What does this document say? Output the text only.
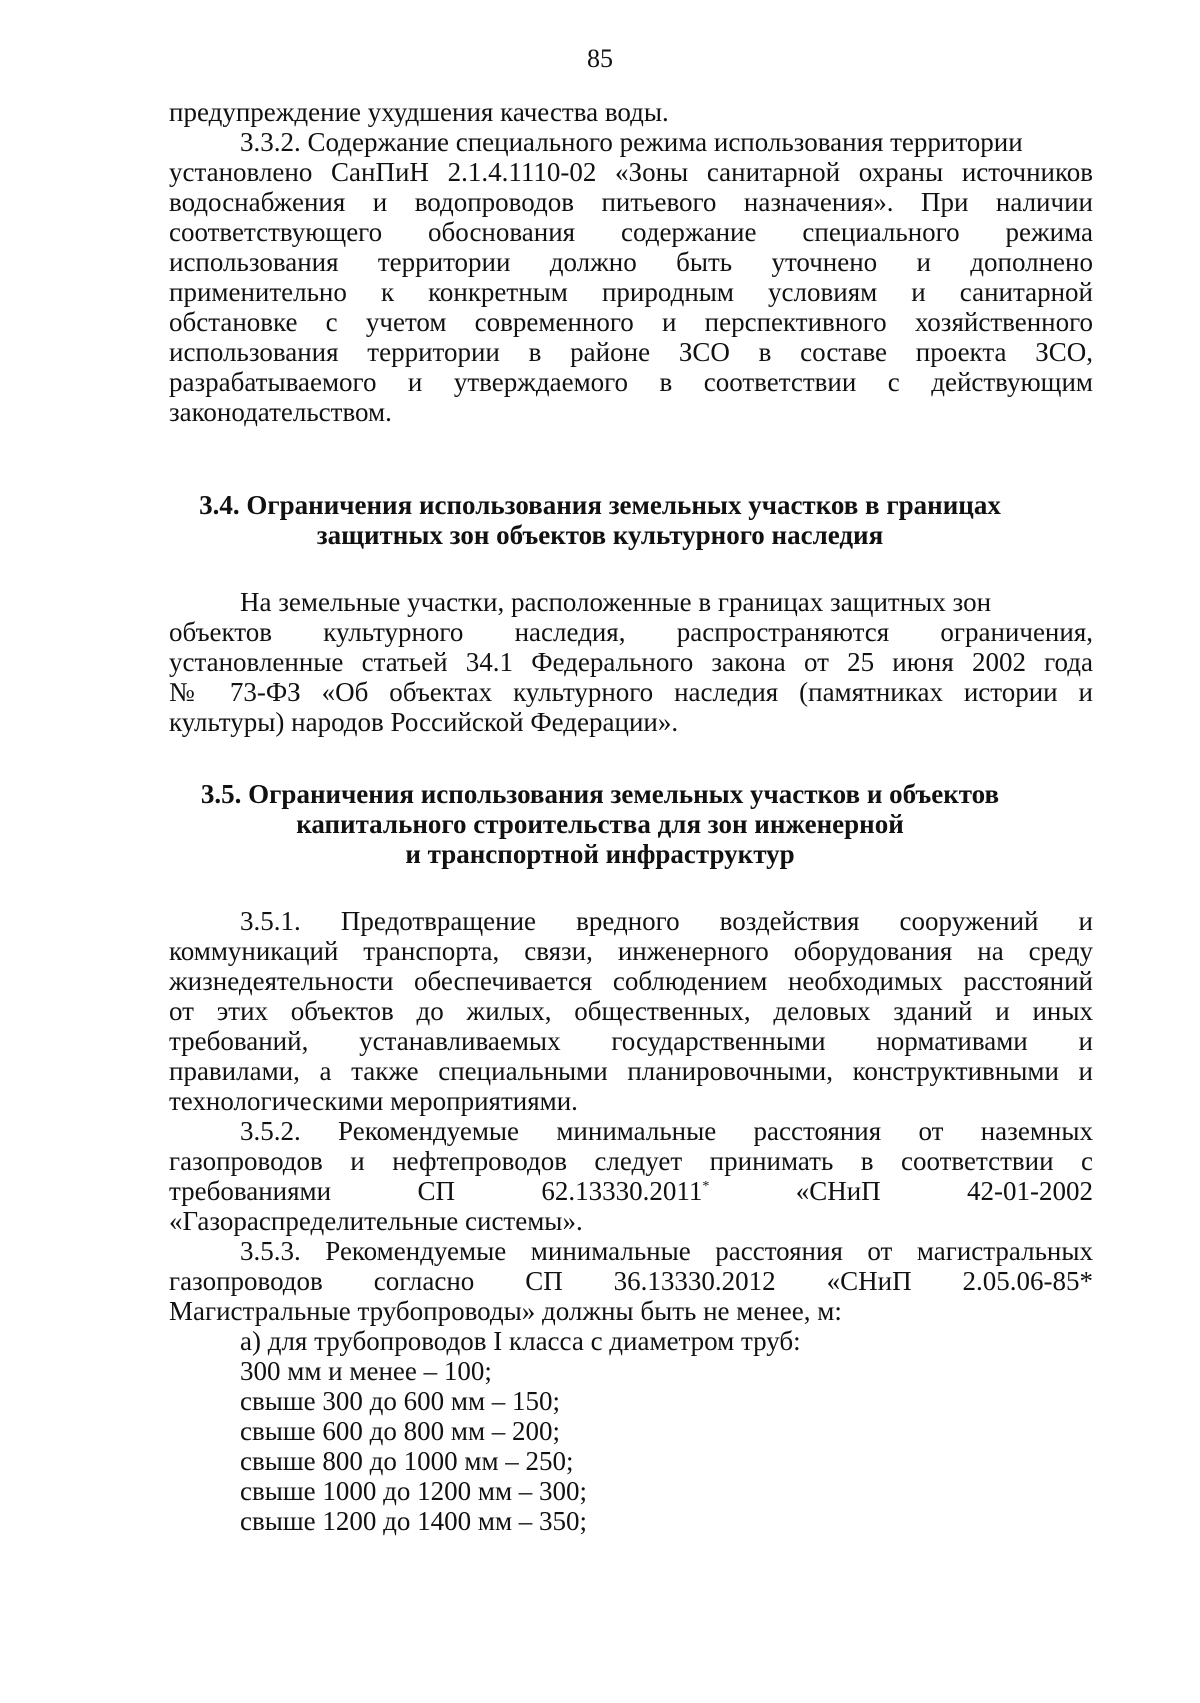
85
предупреждение ухудшения качества воды.
3.3.2. Содержание специального режима использования территории
установлено СанПиН 2.1.4.1110-02 «Зоны санитарной охраны источников
водоснабжения и водопроводов питьевого назначения». При наличии
соответствующего обоснования содержание специального режима
использования территории должно быть уточнено и дополнено
применительно к конкретным природным условиям и санитарной
обстановке с учетом современного и перспективного хозяйственного
использования территории в районе ЗСО в составе проекта ЗСО,
разрабатываемого и утверждаемого в соответствии с действующим
законодательством.
3.4. Ограничения использования земельных участков в границах
защитных зон объектов культурного наследия
На земельные участки, расположенные в границах защитных зон
объектов культурного наследия, распространяются ограничения,
установленные статьей 34.1 Федерального закона от 25 июня 2002 года
№ 73-ФЗ «Об объектах культурного наследия (памятниках истории и
культуры) народов Российской Федерации».
3.5. Ограничения использования земельных участков и объектов
капитального строительства для зон инженерной
и транспортной инфраструктур
3.5.1. Предотвращение вредного воздействия сооружений и
коммуникаций транспорта, связи, инженерного оборудования на среду
жизнедеятельности обеспечивается соблюдением необходимых расстояний
от этих объектов до жилых, общественных, деловых зданий и иных
требований, устанавливаемых государственными нормативами и
правилами, а также специальными планировочными, конструктивными и
технологическими мероприятиями.
3.5.2. Рекомендуемые минимальные расстояния от наземных
газопроводов и нефтепроводов следует принимать в соответствии с
требованиями	СП	62.13330.2011*	«СНиП	42-01-2002
«Газораспределительные системы».
3.5.3. Рекомендуемые минимальные расстояния от магистральных
газопроводов согласно СП 36.13330.2012 «СНиП 2.05.06-85*
Магистральные трубопроводы» должны быть не менее, м:
а) для трубопроводов I класса с диаметром труб:
300 мм и менее – 100;
свыше 300 до 600 мм – 150;
свыше 600 до 800 мм – 200;
свыше 800 до 1000 мм – 250;
свыше 1000 до 1200 мм – 300;
свыше 1200 до 1400 мм – 350;
